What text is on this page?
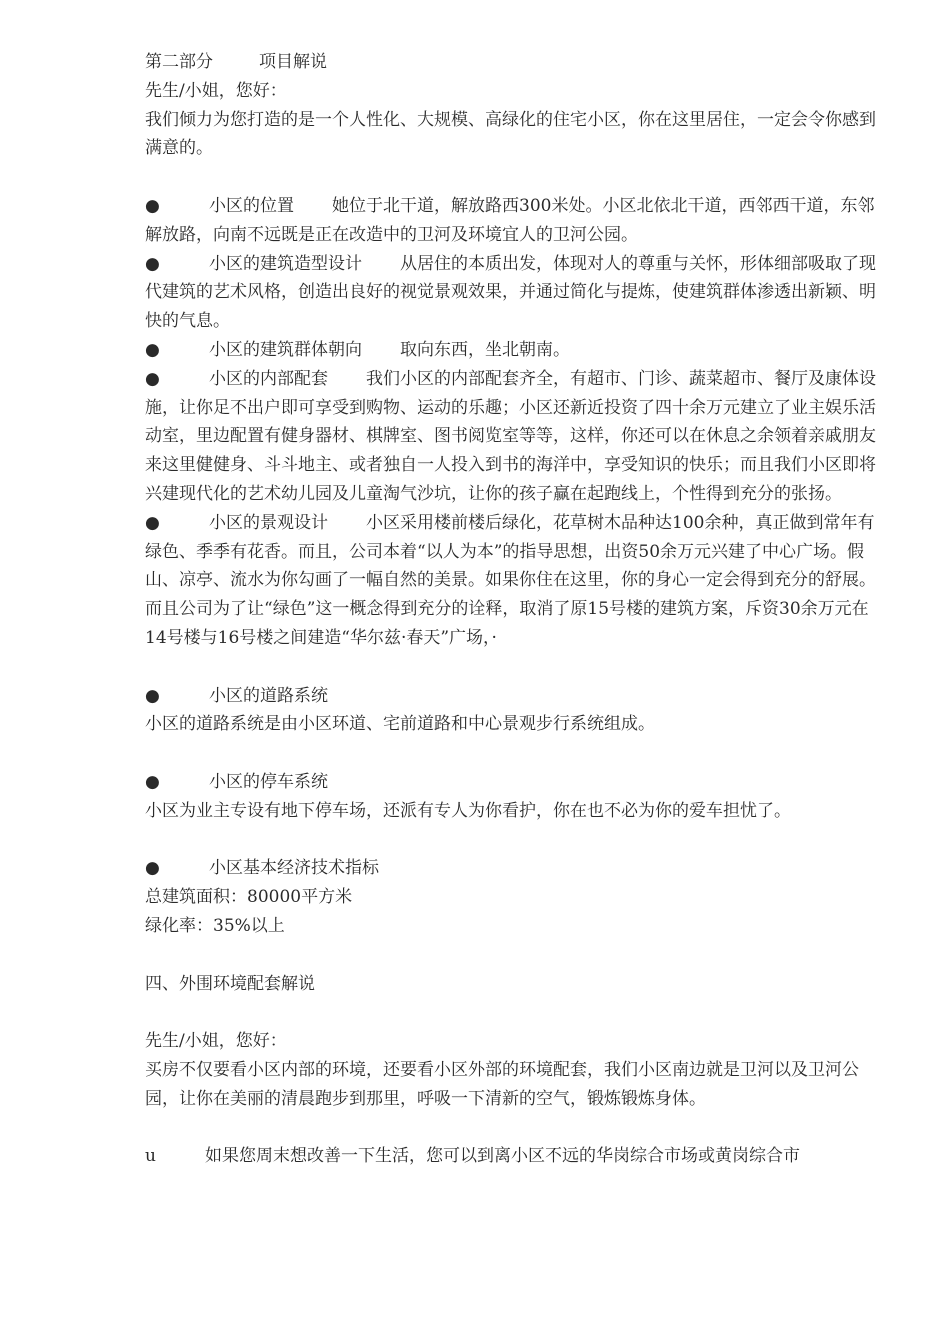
第二部分	项目解说

先生/小姐，您好：

我们倾力为您打造的是一个人性化、大规模、高绿化的住宅小区，你在这里居住，一定会令你感到满意的。

●	小区的位置 她位于北干道，解放路西300米处。小区北依北干道，西邻西干道，东邻解放路，向南不远既是正在改造中的卫河及环境宜人的卫河公园。

●	小区的建筑造型设计 从居住的本质出发，体现对人的尊重与关怀，形体细部吸取了现代建筑的艺术风格，创造出良好的视觉景观效果，并通过简化与提炼，使建筑群体渗透出新颖、明快的气息。

●	小区的建筑群体朝向 取向东西，坐北朝南。

●	小区的内部配套 我们小区的内部配套齐全，有超市、门诊、蔬菜超市、餐厅及康体设施，让你足不出户即可享受到购物、运动的乐趣；小区还新近投资了四十余万元建立了业主娱乐活动室，里边配置有健身器材、棋牌室、图书阅览室等等，这样，你还可以在休息之余领着亲戚朋友来这里健健身、斗斗地主、或者独自一人投入到书的海洋中，享受知识的快乐；而且我们小区即将兴建现代化的艺术幼儿园及儿童淘气沙坑，让你的孩子赢在起跑线上，个性得到充分的张扬。

●	小区的景观设计 小区采用楼前楼后绿化，花草树木品种达100余种，真正做到常年有绿色、季季有花香。而且，公司本着“以人为本”的指导思想，出资50余万元兴建了中心广场。假山、凉亭、流水为你勾画了一幅自然的美景。如果你住在这里，你的身心一定会得到充分的舒展。而且公司为了让“绿色”这一概念得到充分的诠释，取消了原15号楼的建筑方案，斥资30余万元在14号楼与16号楼之间建造“华尔兹·春天”广场，·

●	小区的道路系统

小区的道路系统是由小区环道、宅前道路和中心景观步行系统组成。

●	小区的停车系统

小区为业主专设有地下停车场，还派有专人为你看护，你在也不必为你的爱车担忧了。

●	小区基本经济技术指标

总建筑面积：80000平方米

绿化率：35%以上

四、外围环境配套解说

先生/小姐，您好：

买房不仅要看小区内部的环境，还要看小区外部的环境配套，我们小区南边就是卫河以及卫河公园，让你在美丽的清晨跑步到那里，呼吸一下清新的空气，锻炼锻炼身体。

u	如果您周末想改善一下生活，您可以到离小区不远的华岗综合市场或黄岗综合市
